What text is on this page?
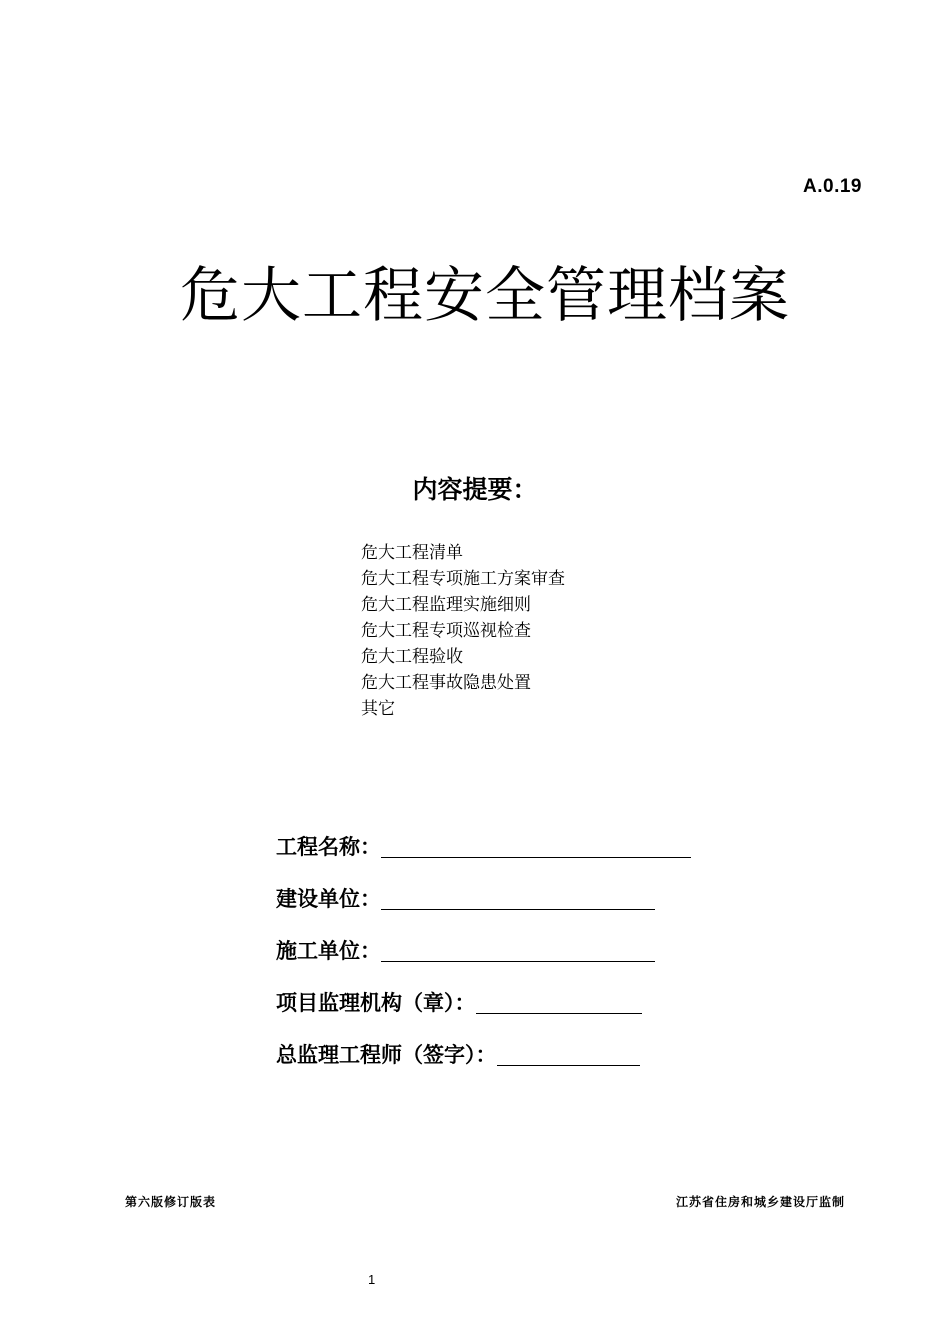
A.0.19
危大工程安全管理档案
内容提要：
危大工程清单
危大工程专项施工方案审查
危大工程监理实施细则
危大工程专项巡视检查
危大工程验收
危大工程事故隐患处置
其它
工程名称：
建设单位：
施工单位：
项目监理机构（章）：
总监理工程师（签字）：
第六版修订版表	江苏省住房和城乡建设厅监制
1
